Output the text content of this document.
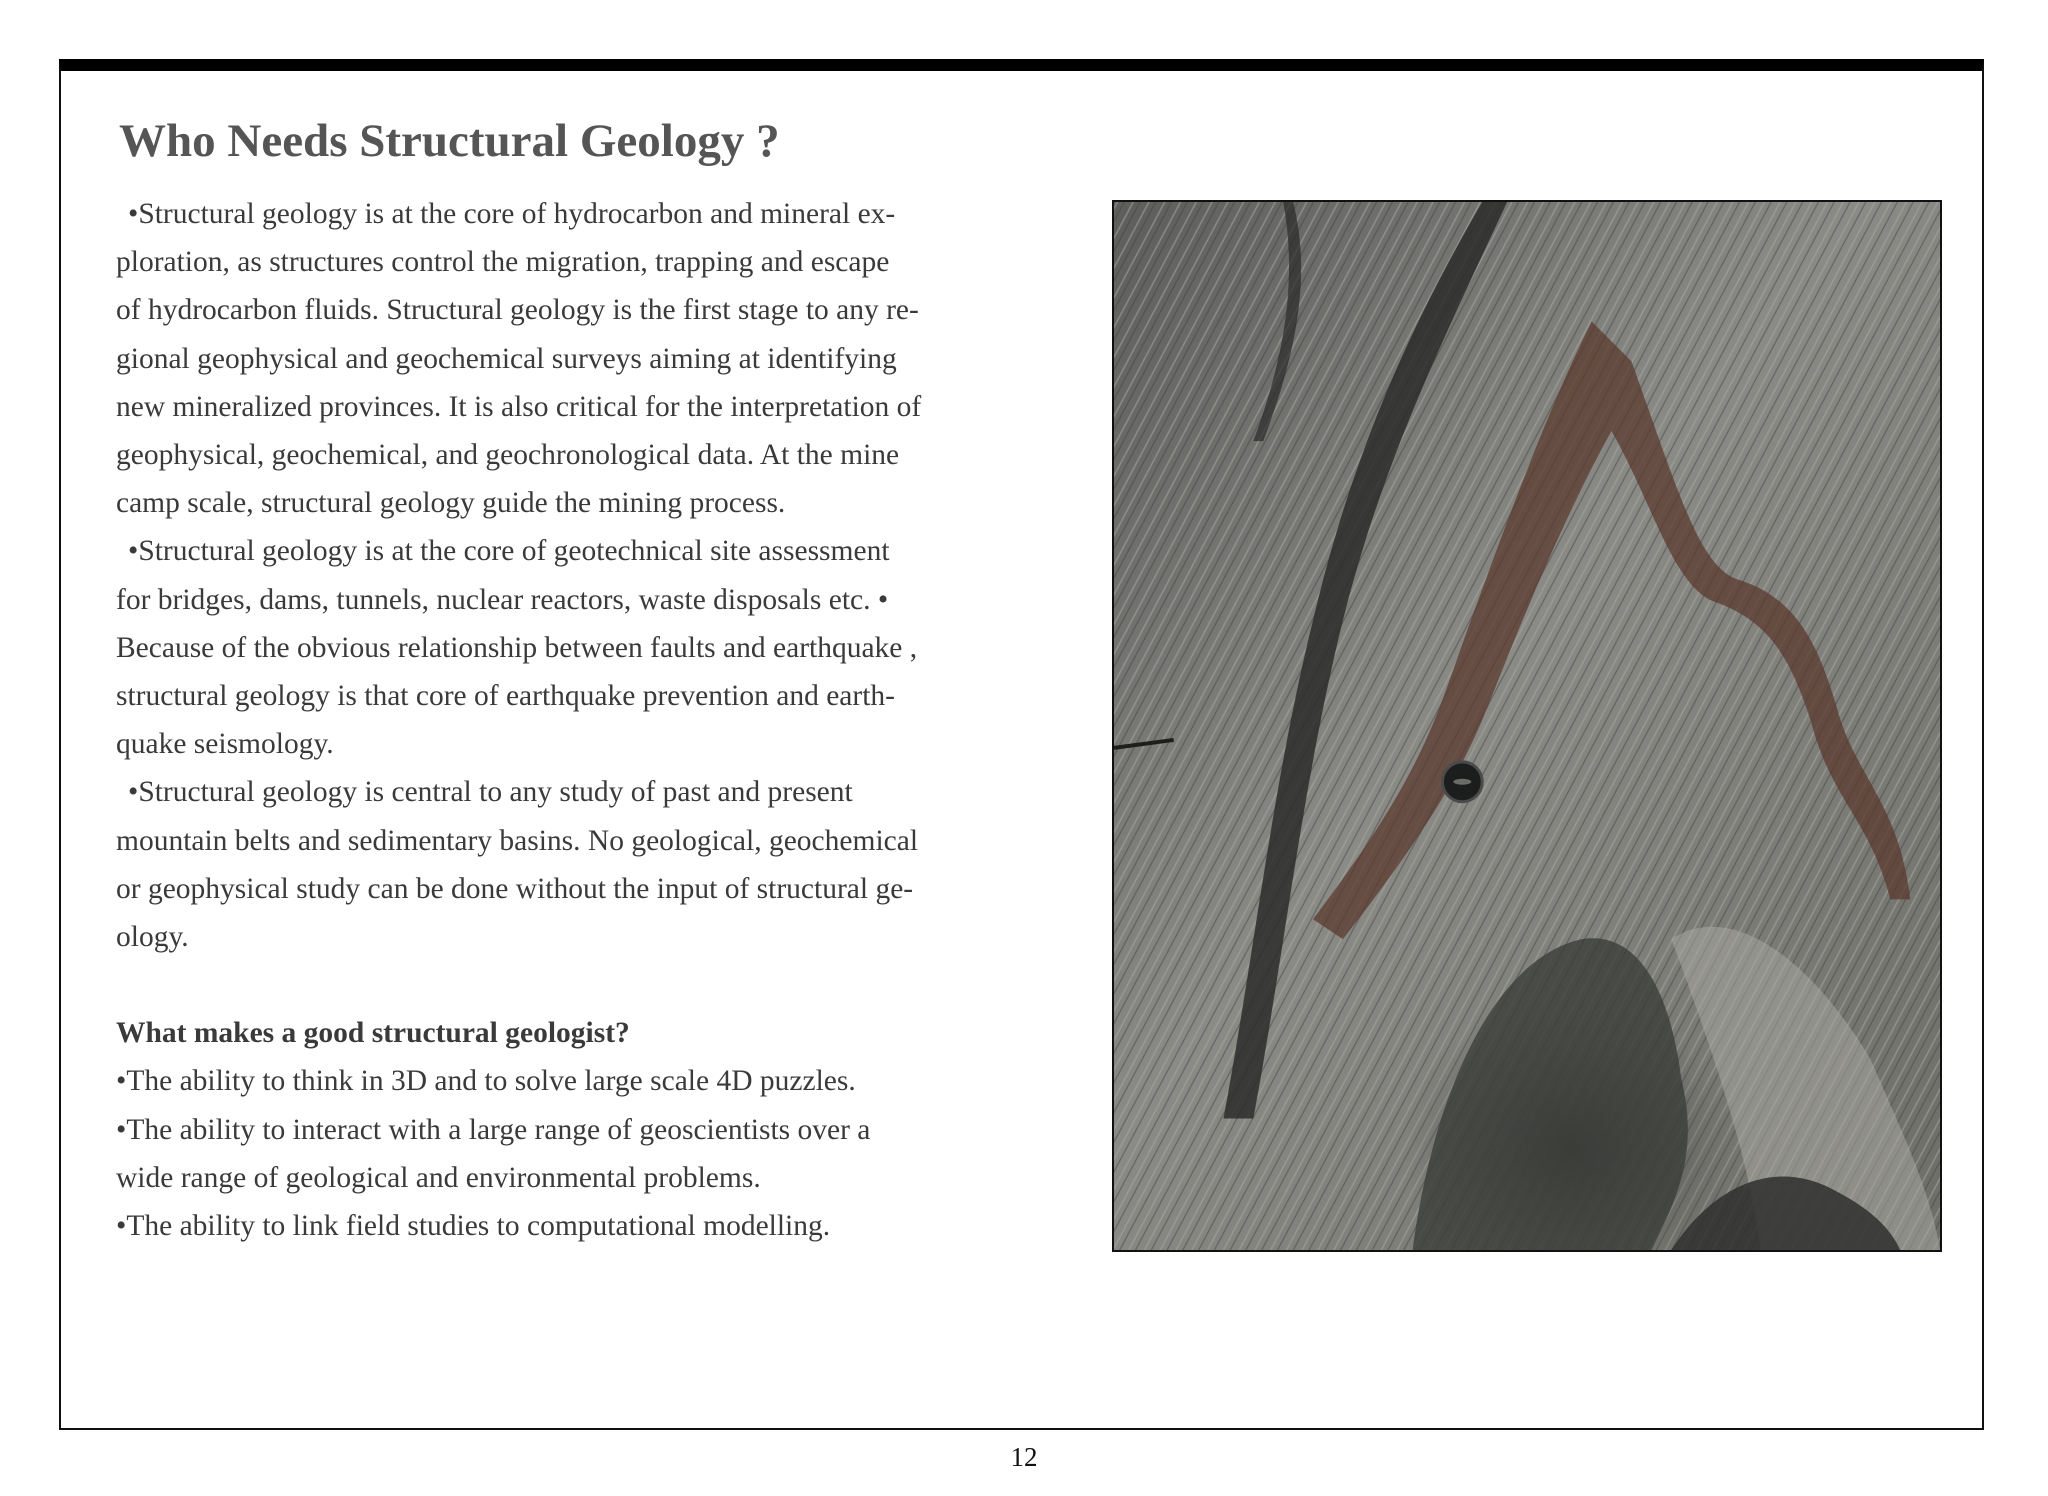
Who Needs Structural Geology ?
•Structural geology is at the core of hydrocarbon and mineral ex-
ploration, as structures control the migration, trapping and escape
of hydrocarbon fluids. Structural geology is the first stage to any re-
gional geophysical and geochemical surveys aiming at identifying
new mineralized provinces. It is also critical for the interpretation of
geophysical, geochemical, and geochronological data. At the mine
camp scale, structural geology guide the mining process.
•Structural geology is at the core of geotechnical site assessment
for bridges, dams, tunnels, nuclear reactors, waste disposals etc. •
Because of the obvious relationship between faults and earthquake ,
structural geology is that core of earthquake prevention and earth-
quake seismology.
•Structural geology is central to any study of past and present
mountain belts and sedimentary basins. No geological, geochemical
or geophysical study can be done without the input of structural ge-
ology.
What makes a good structural geologist?
•The ability to think in 3D and to solve large scale 4D puzzles.
•The ability to interact with a large range of geoscientists over a
wide range of geological and environmental problems.
•The ability to link field studies to computational modelling.
12
